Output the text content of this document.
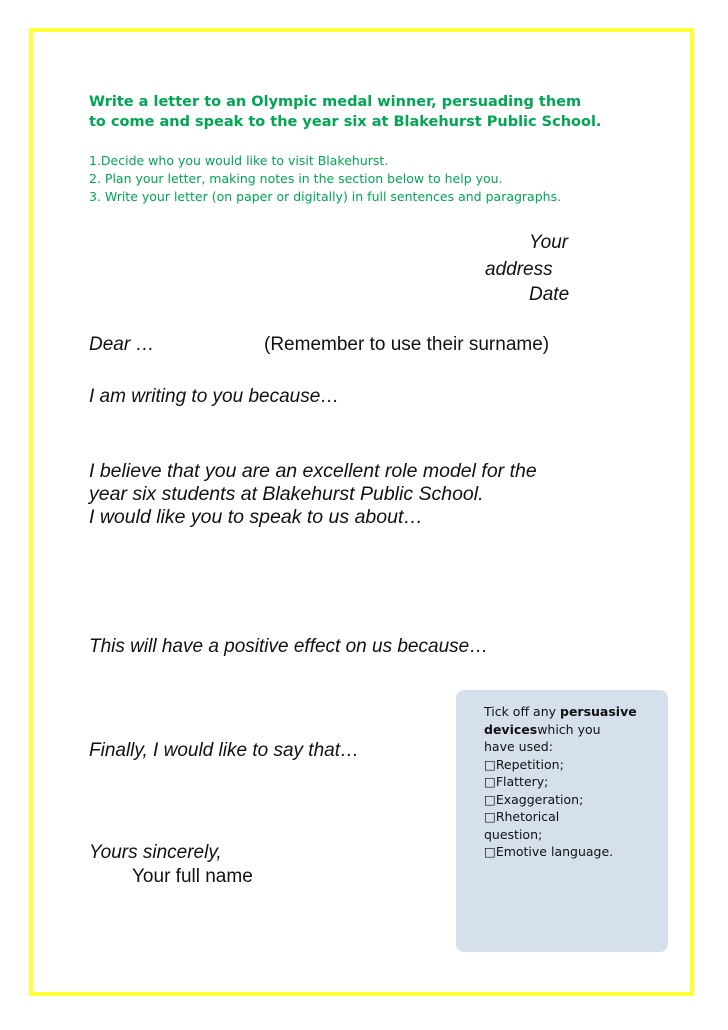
Write a letter to an Olympic medal winner, persuading them
to come and speak to the year six at Blakehurst Public School.
1.Decide who you would like to visit Blakehurst.
2. Plan your letter, making notes in the section below to help you.
3. Write your letter (on paper or digitally) in full sentences and paragraphs.
Your
address
Date
Dear …	(Remember to use their surname)
I am writing to you because…
I believe that you are an excellent role model for the
year six students at Blakehurst Public School.
I would like you to speak to us about…
This will have a positive effect on us because…
Finally, I would like to say that…
Yours sincerely,
Your full name
Tick off any persuasive
deviceswhich you
have used:
□Repetition;
□Flattery;
□Exaggeration;
□Rhetorical
question;
□Emotive language.
